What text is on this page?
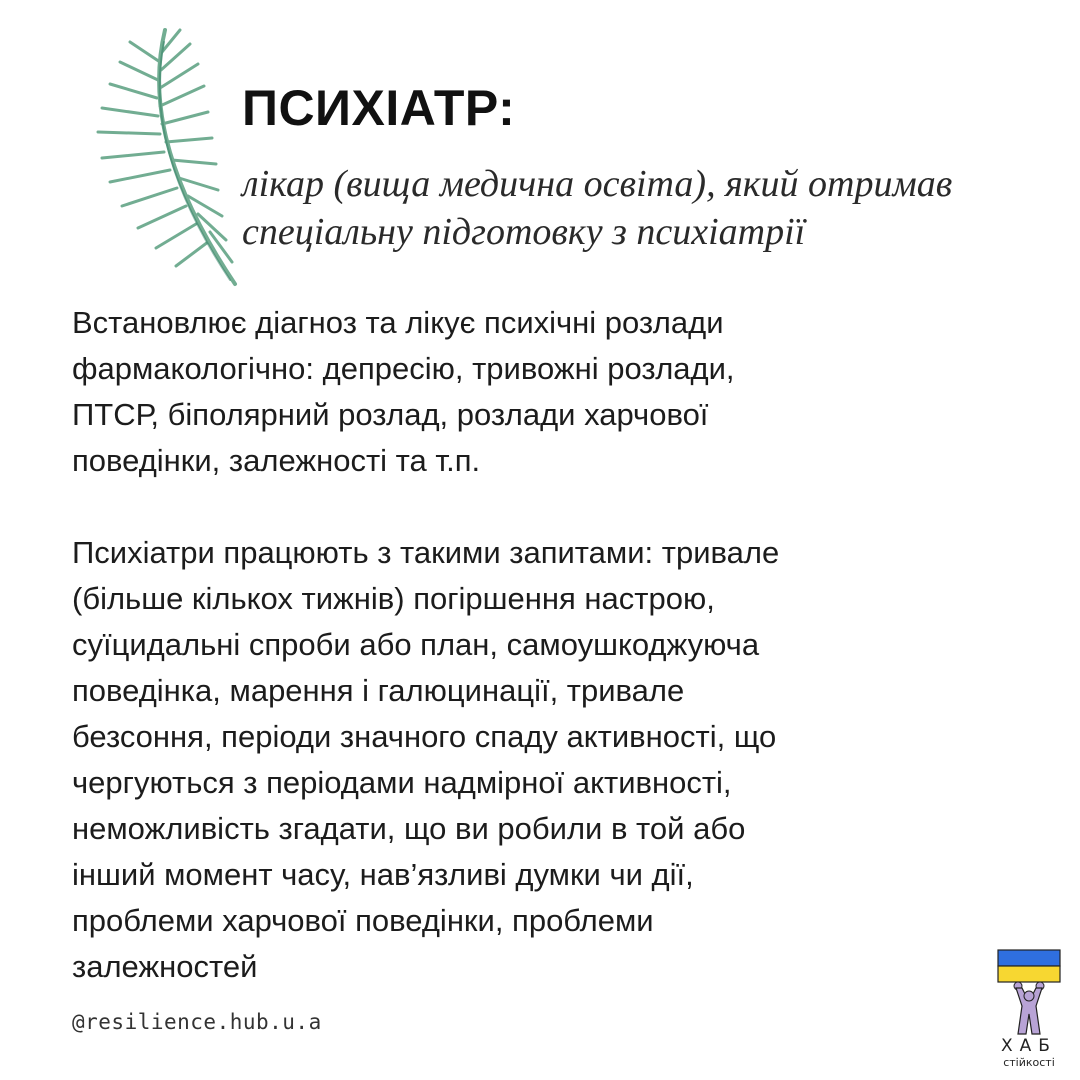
ПСИХІАТР:
лікар (вища медична освіта), який отримав
спеціальну підготовку з психіатрії

Встановлює діагноз та лікує психічні розлади
фармакологічно: депресію, тривожні розлади,
ПТСР, біполярний розлад, розлади харчової
поведінки, залежності та т.п.

Психіатри працюють з такими запитами: тривале
(більше кількох тижнів) погіршення настрою,
суїцидальні спроби або план, самоушкоджуюча
поведінка, марення і галюцинації, тривале
безсоння, періоди значного спаду активності, що
чергуються з періодами надмірної активності,
неможливість згадати, що ви робили в той або
інший момент часу, нав’язливі думки чи дії,
проблеми харчової поведінки, проблеми
залежностей

@resilience.hub.u.a
ХАБ
стійкості
